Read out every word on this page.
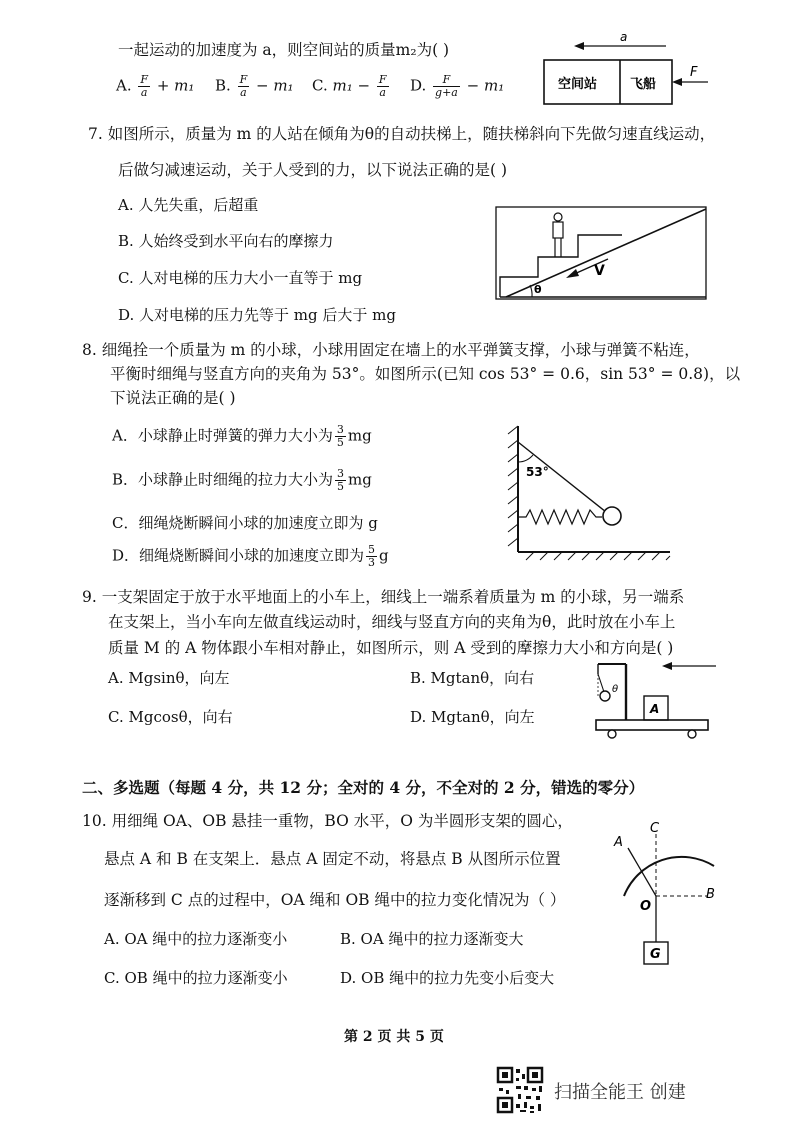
一起运动的加速度为 a，则空间站的质量m₂为( )
A. $\frac{F}{a} + m_1$ B. $\frac{F}{a} - m_1$ C. $m_1 - \frac{F}{a} D$. $\frac{F}{g+a} - m_1$
a
空间站	飞船
F
7. 如图所示，质量为 m 的人站在倾角为θ的自动扶梯上，随扶梯斜向下先做匀速直线运动，
后做匀减速运动，关于人受到的力，以下说法正确的是( )
A. 人先失重，后超重
B. 人始终受到水平向右的摩擦力
C. 人对电梯的压力大小一直等于 mg
D. 人对电梯的压力先等于 mg 后大于 mg
V
θ
8. 细绳拴一个质量为 m 的小球，小球用固定在墙上的水平弹簧支撑，小球与弹簧不粘连，
平衡时细绳与竖直方向的夹角为 53°。如图所示(已知 cos 53° = 0.6，sin 53° = 0.8)，以
下说法正确的是( )
A．小球静止时弹簧的弹力大小为 $\frac{3}{5}$ mg
B．小球静止时细绳的拉力大小为 $\frac{3}{5}$ mg
C．细绳烧断瞬间小球的加速度立即为 g
D．细绳烧断瞬间小球的加速度立即为 $\frac{5}{3}$ g
53°
9. 一支架固定于放于水平地面上的小车上，细线上一端系着质量为 m 的小球，另一端系
在支架上，当小车向左做直线运动时，细线与竖直方向的夹角为θ，此时放在小车上
质量 M 的 A 物体跟小车相对静止，如图所示，则 A 受到的摩擦力大小和方向是( )
A. Mgsinθ，向左	B. Mgtanθ，向右
C. Mgcosθ，向右	D. Mgtanθ，向左
θ
A
二、多选题（每题 4 分，共 12 分；全对的 4 分，不全对的 2 分，错选的零分）
10. 用细绳 OA、OB 悬挂一重物，BO 水平，O 为半圆形支架的圆心，
悬点 A 和 B 在支架上．悬点 A 固定不动，将悬点 B 从图所示位置
逐渐移到 C 点的过程中，OA 绳和 OB 绳中的拉力变化情况为（ ）
A. OA 绳中的拉力逐渐变小	B. OA 绳中的拉力逐渐变大
C. OB 绳中的拉力逐渐变小	D. OB 绳中的拉力先变小后变大
G
A
C
B
O
第 2 页 共 5 页
扫描全能王 创建
